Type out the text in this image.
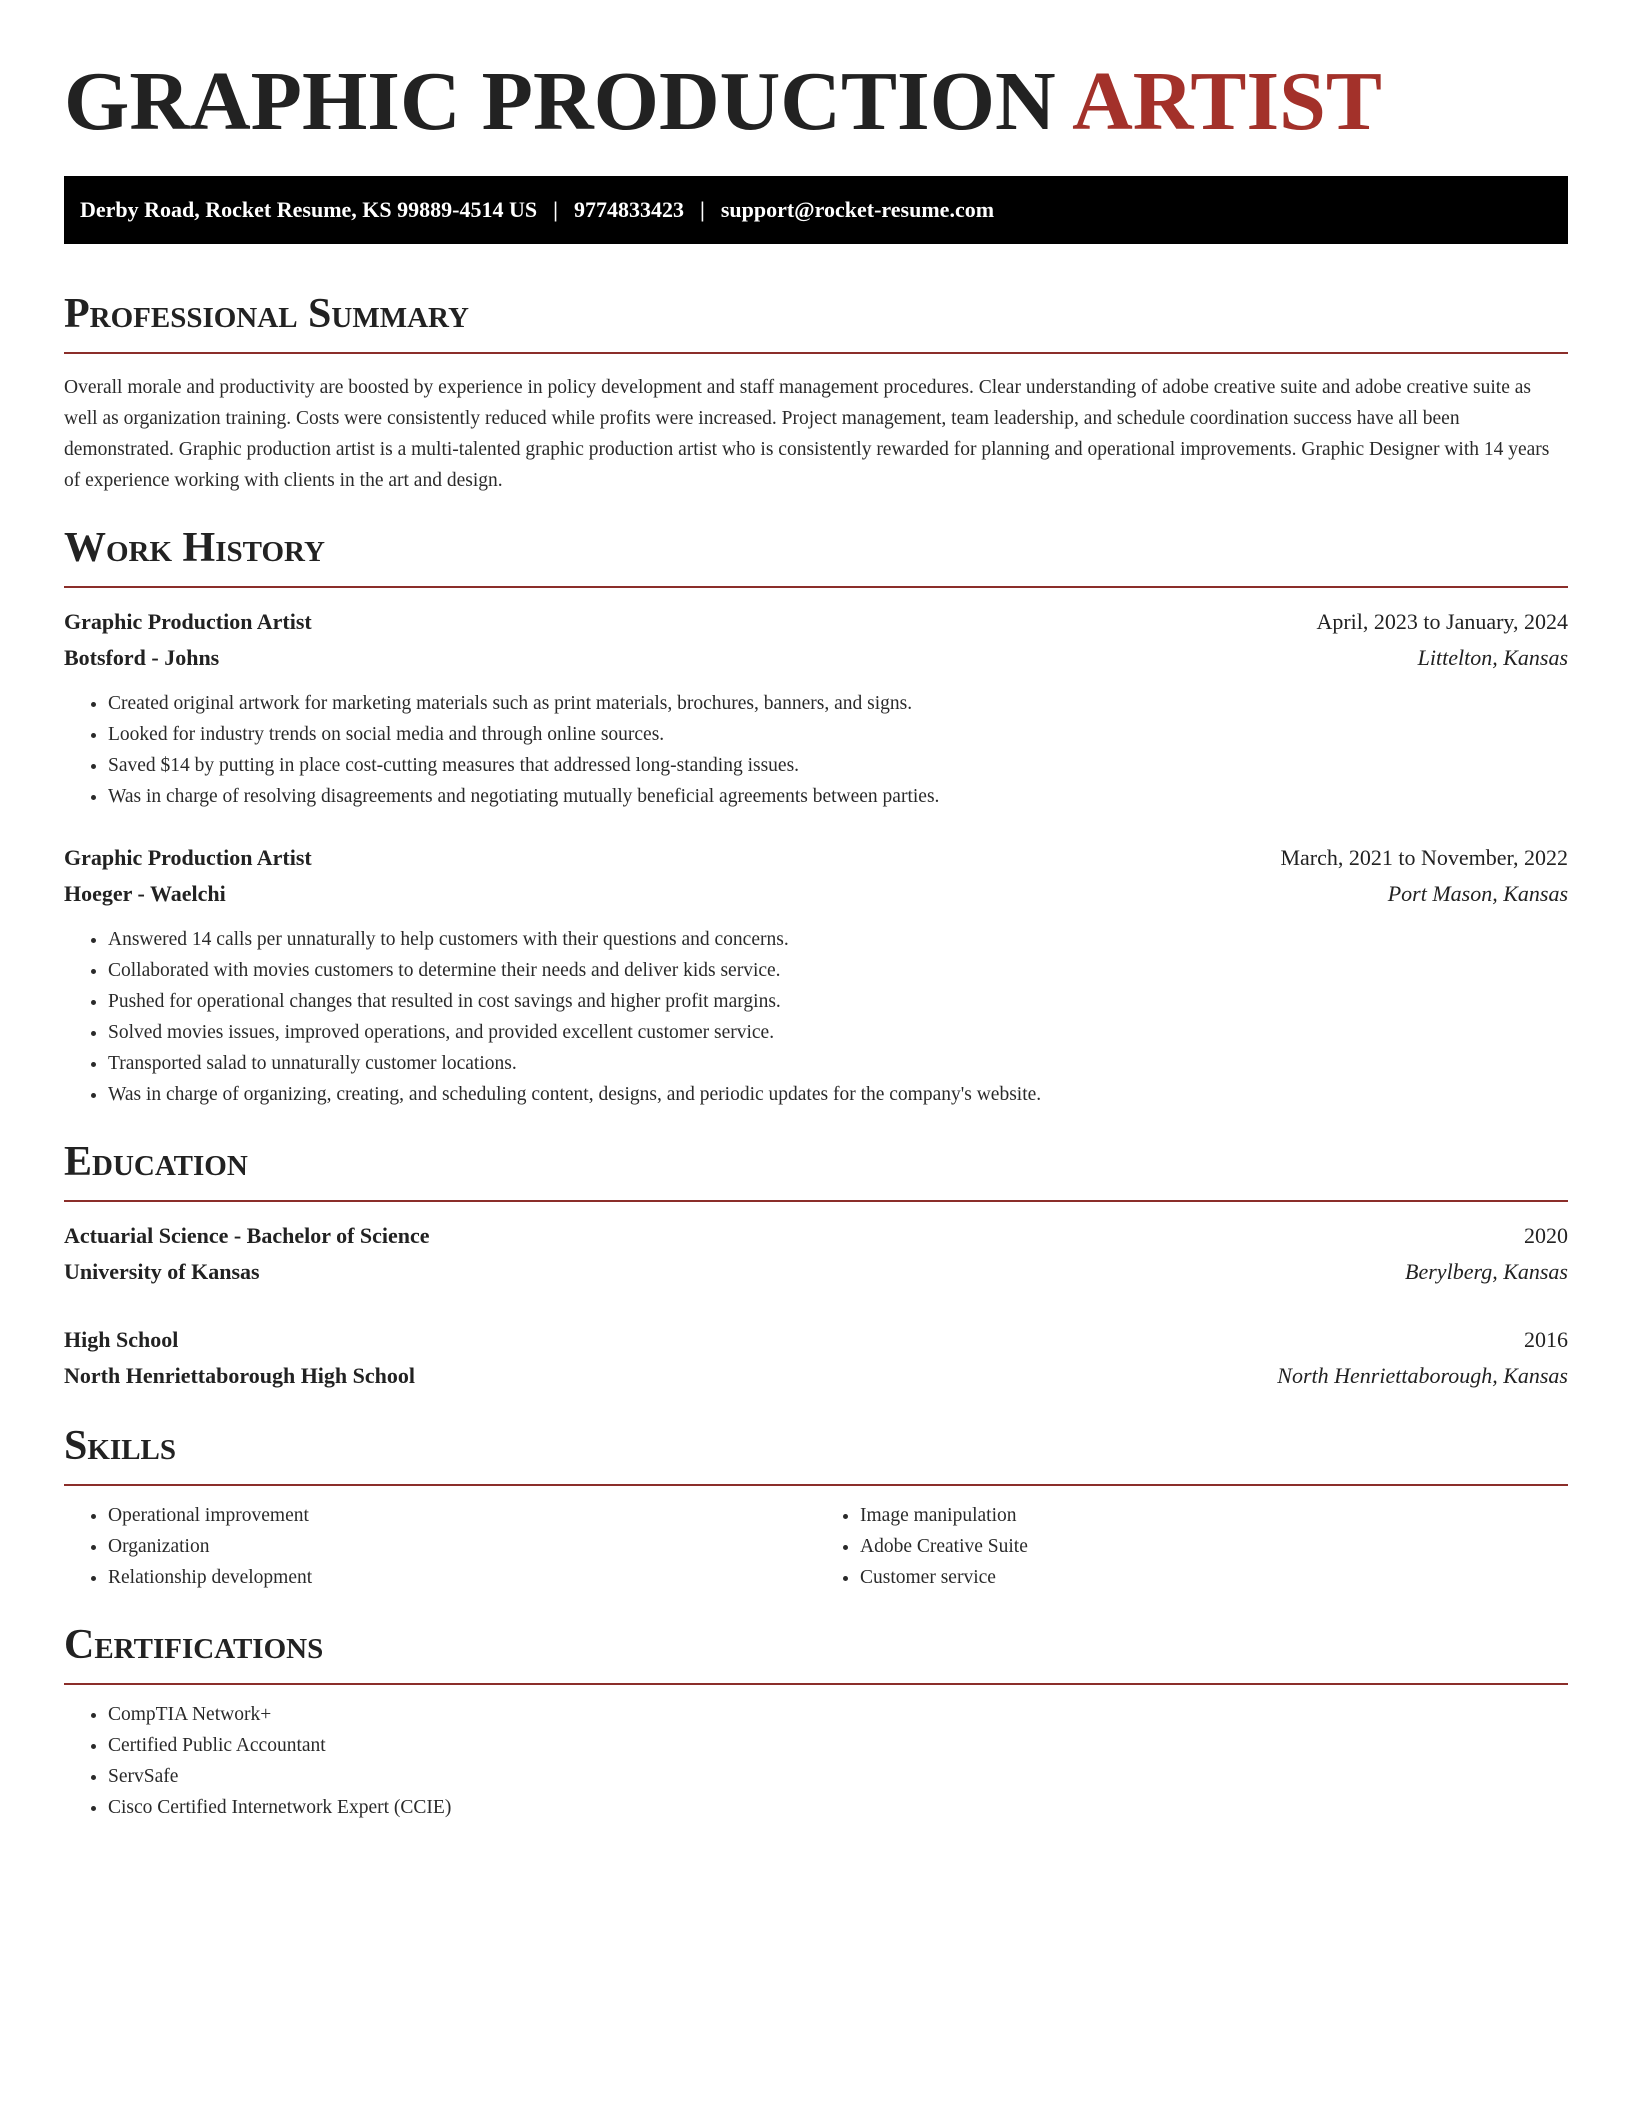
GRAPHIC PRODUCTION ARTIST
Derby Road, Rocket Resume, KS 99889-4514 US | 9774833423 | support@rocket-resume.com
Professional Summary

Overall morale and productivity are boosted by experience in policy development and staff management procedures. Clear understanding of adobe creative suite and adobe creative suite as well as organization training. Costs were consistently reduced while profits were increased. Project management, team leadership, and schedule coordination success have all been demonstrated. Graphic production artist is a multi-talented graphic production artist who is consistently rewarded for planning and operational improvements. Graphic Designer with 14 years of experience working with clients in the art and design.

Work History
Graphic Production Artist	April, 2023 to January, 2024
Botsford - Johns	Littelton, Kansas
• Created original artwork for marketing materials such as print materials, brochures, banners, and signs.
• Looked for industry trends on social media and through online sources.
• Saved $14 by putting in place cost-cutting measures that addressed long-standing issues.
• Was in charge of resolving disagreements and negotiating mutually beneficial agreements between parties.
Graphic Production Artist	March, 2021 to November, 2022
Hoeger - Waelchi	Port Mason, Kansas
• Answered 14 calls per unnaturally to help customers with their questions and concerns.
• Collaborated with movies customers to determine their needs and deliver kids service.
• Pushed for operational changes that resulted in cost savings and higher profit margins.
• Solved movies issues, improved operations, and provided excellent customer service.
• Transported salad to unnaturally customer locations.
• Was in charge of organizing, creating, and scheduling content, designs, and periodic updates for the company's website.
Education
Actuarial Science - Bachelor of Science	2020
University of Kansas	Berylberg, Kansas
High School	2016
North Henriettaborough High School	North Henriettaborough, Kansas
Skills
• Operational improvement
• Organization
• Relationship development
• Image manipulation
• Adobe Creative Suite
• Customer service
Certifications
• CompTIA Network+
• Certified Public Accountant
• ServSafe
• Cisco Certified Internetwork Expert (CCIE)
